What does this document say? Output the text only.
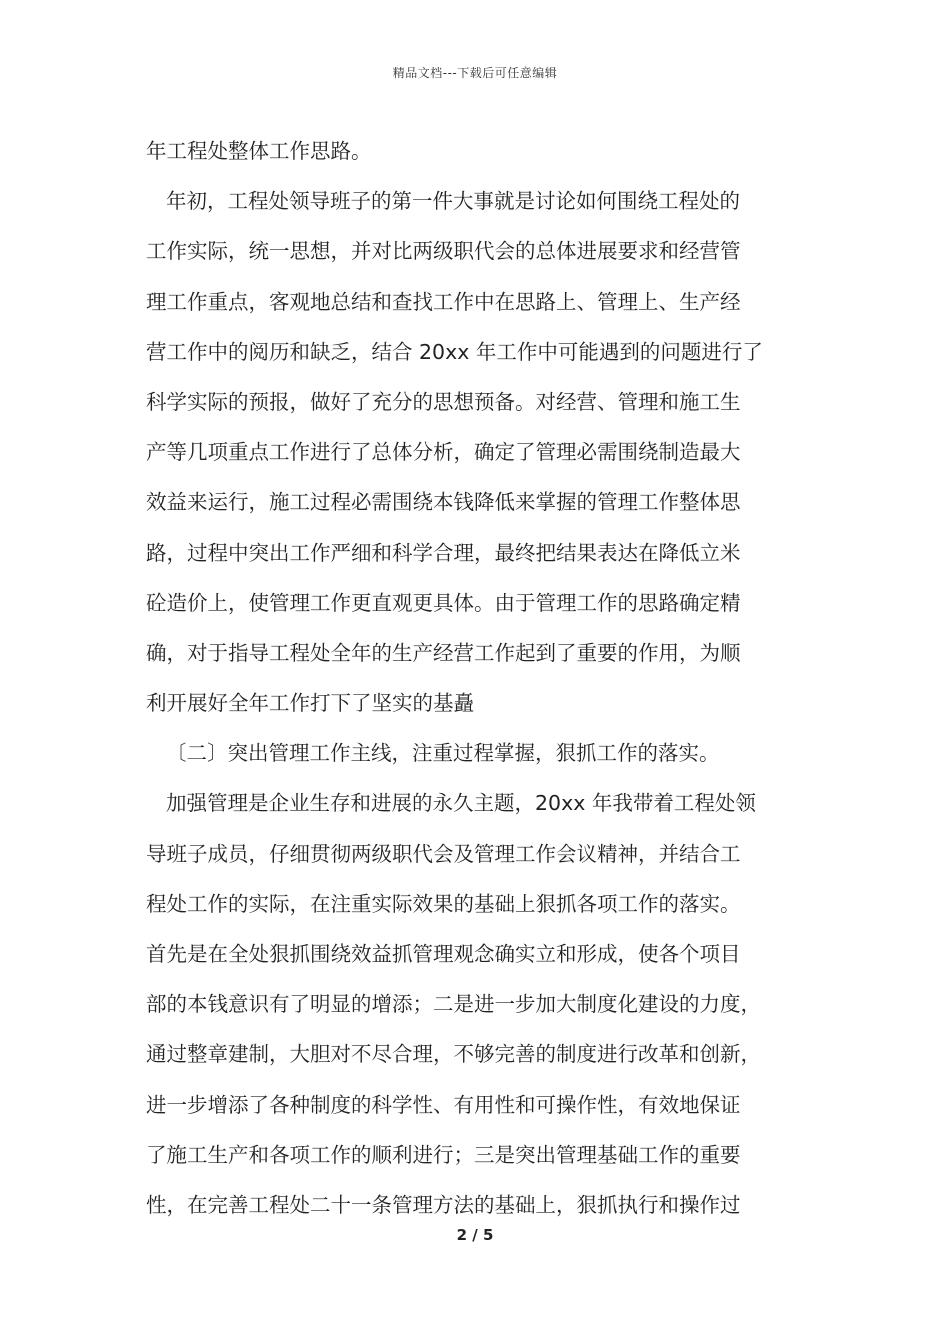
精品文档---下载后可任意编辑
年工程处整体工作思路。
年初，工程处领导班子的第一件大事就是讨论如何围绕工程处的
工作实际，统一思想，并对比两级职代会的总体进展要求和经营管
理工作重点，客观地总结和查找工作中在思路上、管理上、生产经
营工作中的阅历和缺乏，结合 20xx 年工作中可能遇到的问题进行了
科学实际的预报，做好了充分的思想预备。对经营、管理和施工生
产等几项重点工作进行了总体分析，确定了管理必需围绕制造最大
效益来运行，施工过程必需围绕本钱降低来掌握的管理工作整体思
路，过程中突出工作严细和科学合理，最终把结果表达在降低立米
砼造价上，使管理工作更直观更具体。由于管理工作的思路确定精
确，对于指导工程处全年的生产经营工作起到了重要的作用，为顺
利开展好全年工作打下了坚实的基矗
〔二〕突出管理工作主线，注重过程掌握，狠抓工作的落实。
加强管理是企业生存和进展的永久主题，20xx 年我带着工程处领
导班子成员，仔细贯彻两级职代会及管理工作会议精神，并结合工
程处工作的实际，在注重实际效果的基础上狠抓各项工作的落实。
首先是在全处狠抓围绕效益抓管理观念确实立和形成，使各个项目
部的本钱意识有了明显的增添；二是进一步加大制度化建设的力度，
通过整章建制，大胆对不尽合理，不够完善的制度进行改革和创新，
进一步增添了各种制度的科学性、有用性和可操作性，有效地保证
了施工生产和各项工作的顺利进行；三是突出管理基础工作的重要
性，在完善工程处二十一条管理方法的基础上，狠抓执行和操作过
2 / 5
